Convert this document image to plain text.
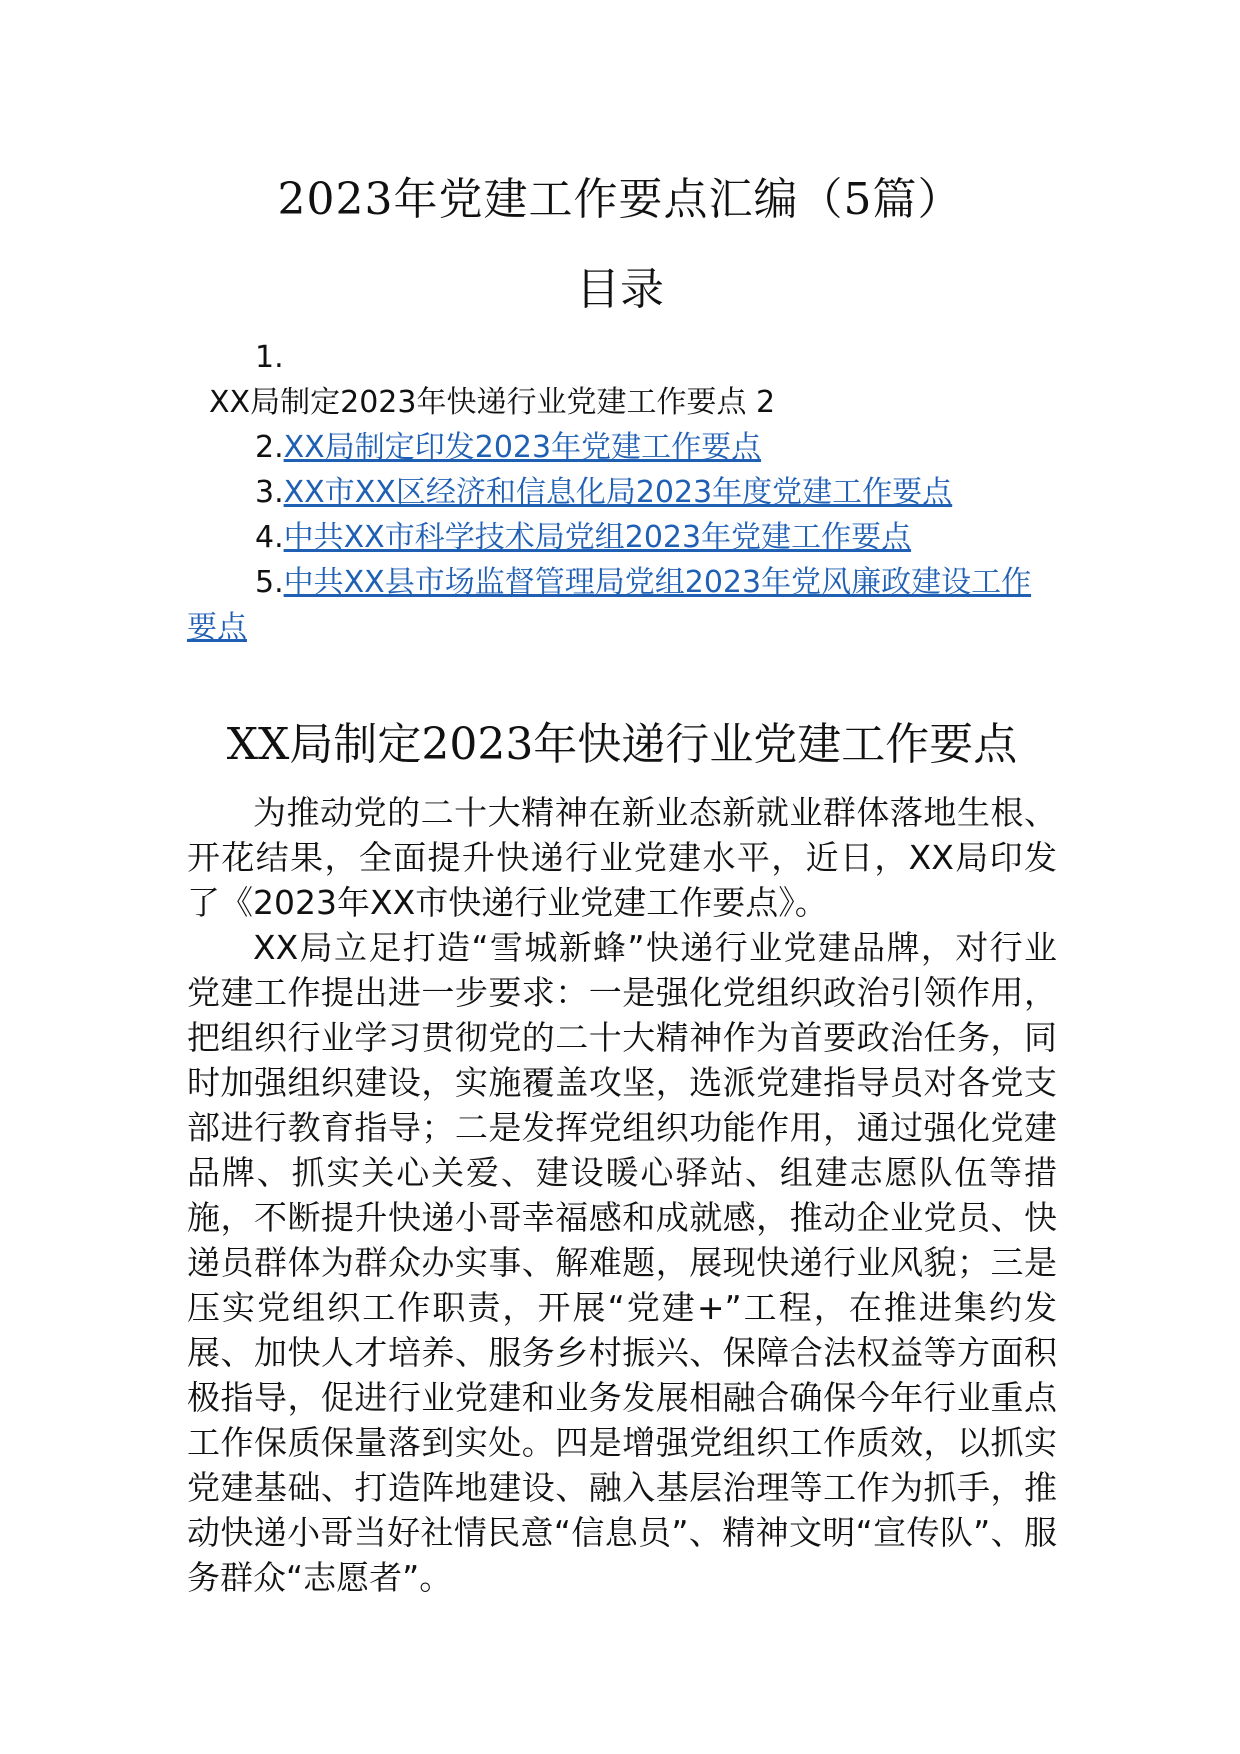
2023年党建工作要点汇编（5篇）
目录
1.
XX局制定2023年快递行业党建工作要点 2
2.XX局制定印发2023年党建工作要点
3.XX市XX区经济和信息化局2023年度党建工作要点
4.中共XX市科学技术局党组2023年党建工作要点
5.中共XX县市场监督管理局党组2023年党风廉政建设工作要点
XX局制定2023年快递行业党建工作要点

为推动党的二十大精神在新业态新就业群体落地生根、开花结果，全面提升快递行业党建水平，近日，XX局印发了《2023年XX市快递行业党建工作要点》。

XX局立足打造“雪城新蜂”快递行业党建品牌，对行业党建工作提出进一步要求：一是强化党组织政治引领作用，把组织行业学习贯彻党的二十大精神作为首要政治任务，同时加强组织建设，实施覆盖攻坚，选派党建指导员对各党支部进行教育指导；二是发挥党组织功能作用，通过强化党建品牌、抓实关心关爱、建设暖心驿站、组建志愿队伍等措施，不断提升快递小哥幸福感和成就感，推动企业党员、快递员群体为群众办实事、解难题，展现快递行业风貌；三是压实党组织工作职责，开展“党建+”工程，在推进集约发展、加快人才培养、服务乡村振兴、保障合法权益等方面积极指导，促进行业党建和业务发展相融合确保今年行业重点工作保质保量落到实处。四是增强党组织工作质效，以抓实党建基础、打造阵地建设、融入基层治理等工作为抓手，推动快递小哥当好社情民意“信息员”、精神文明“宣传队”、服务群众“志愿者”。
